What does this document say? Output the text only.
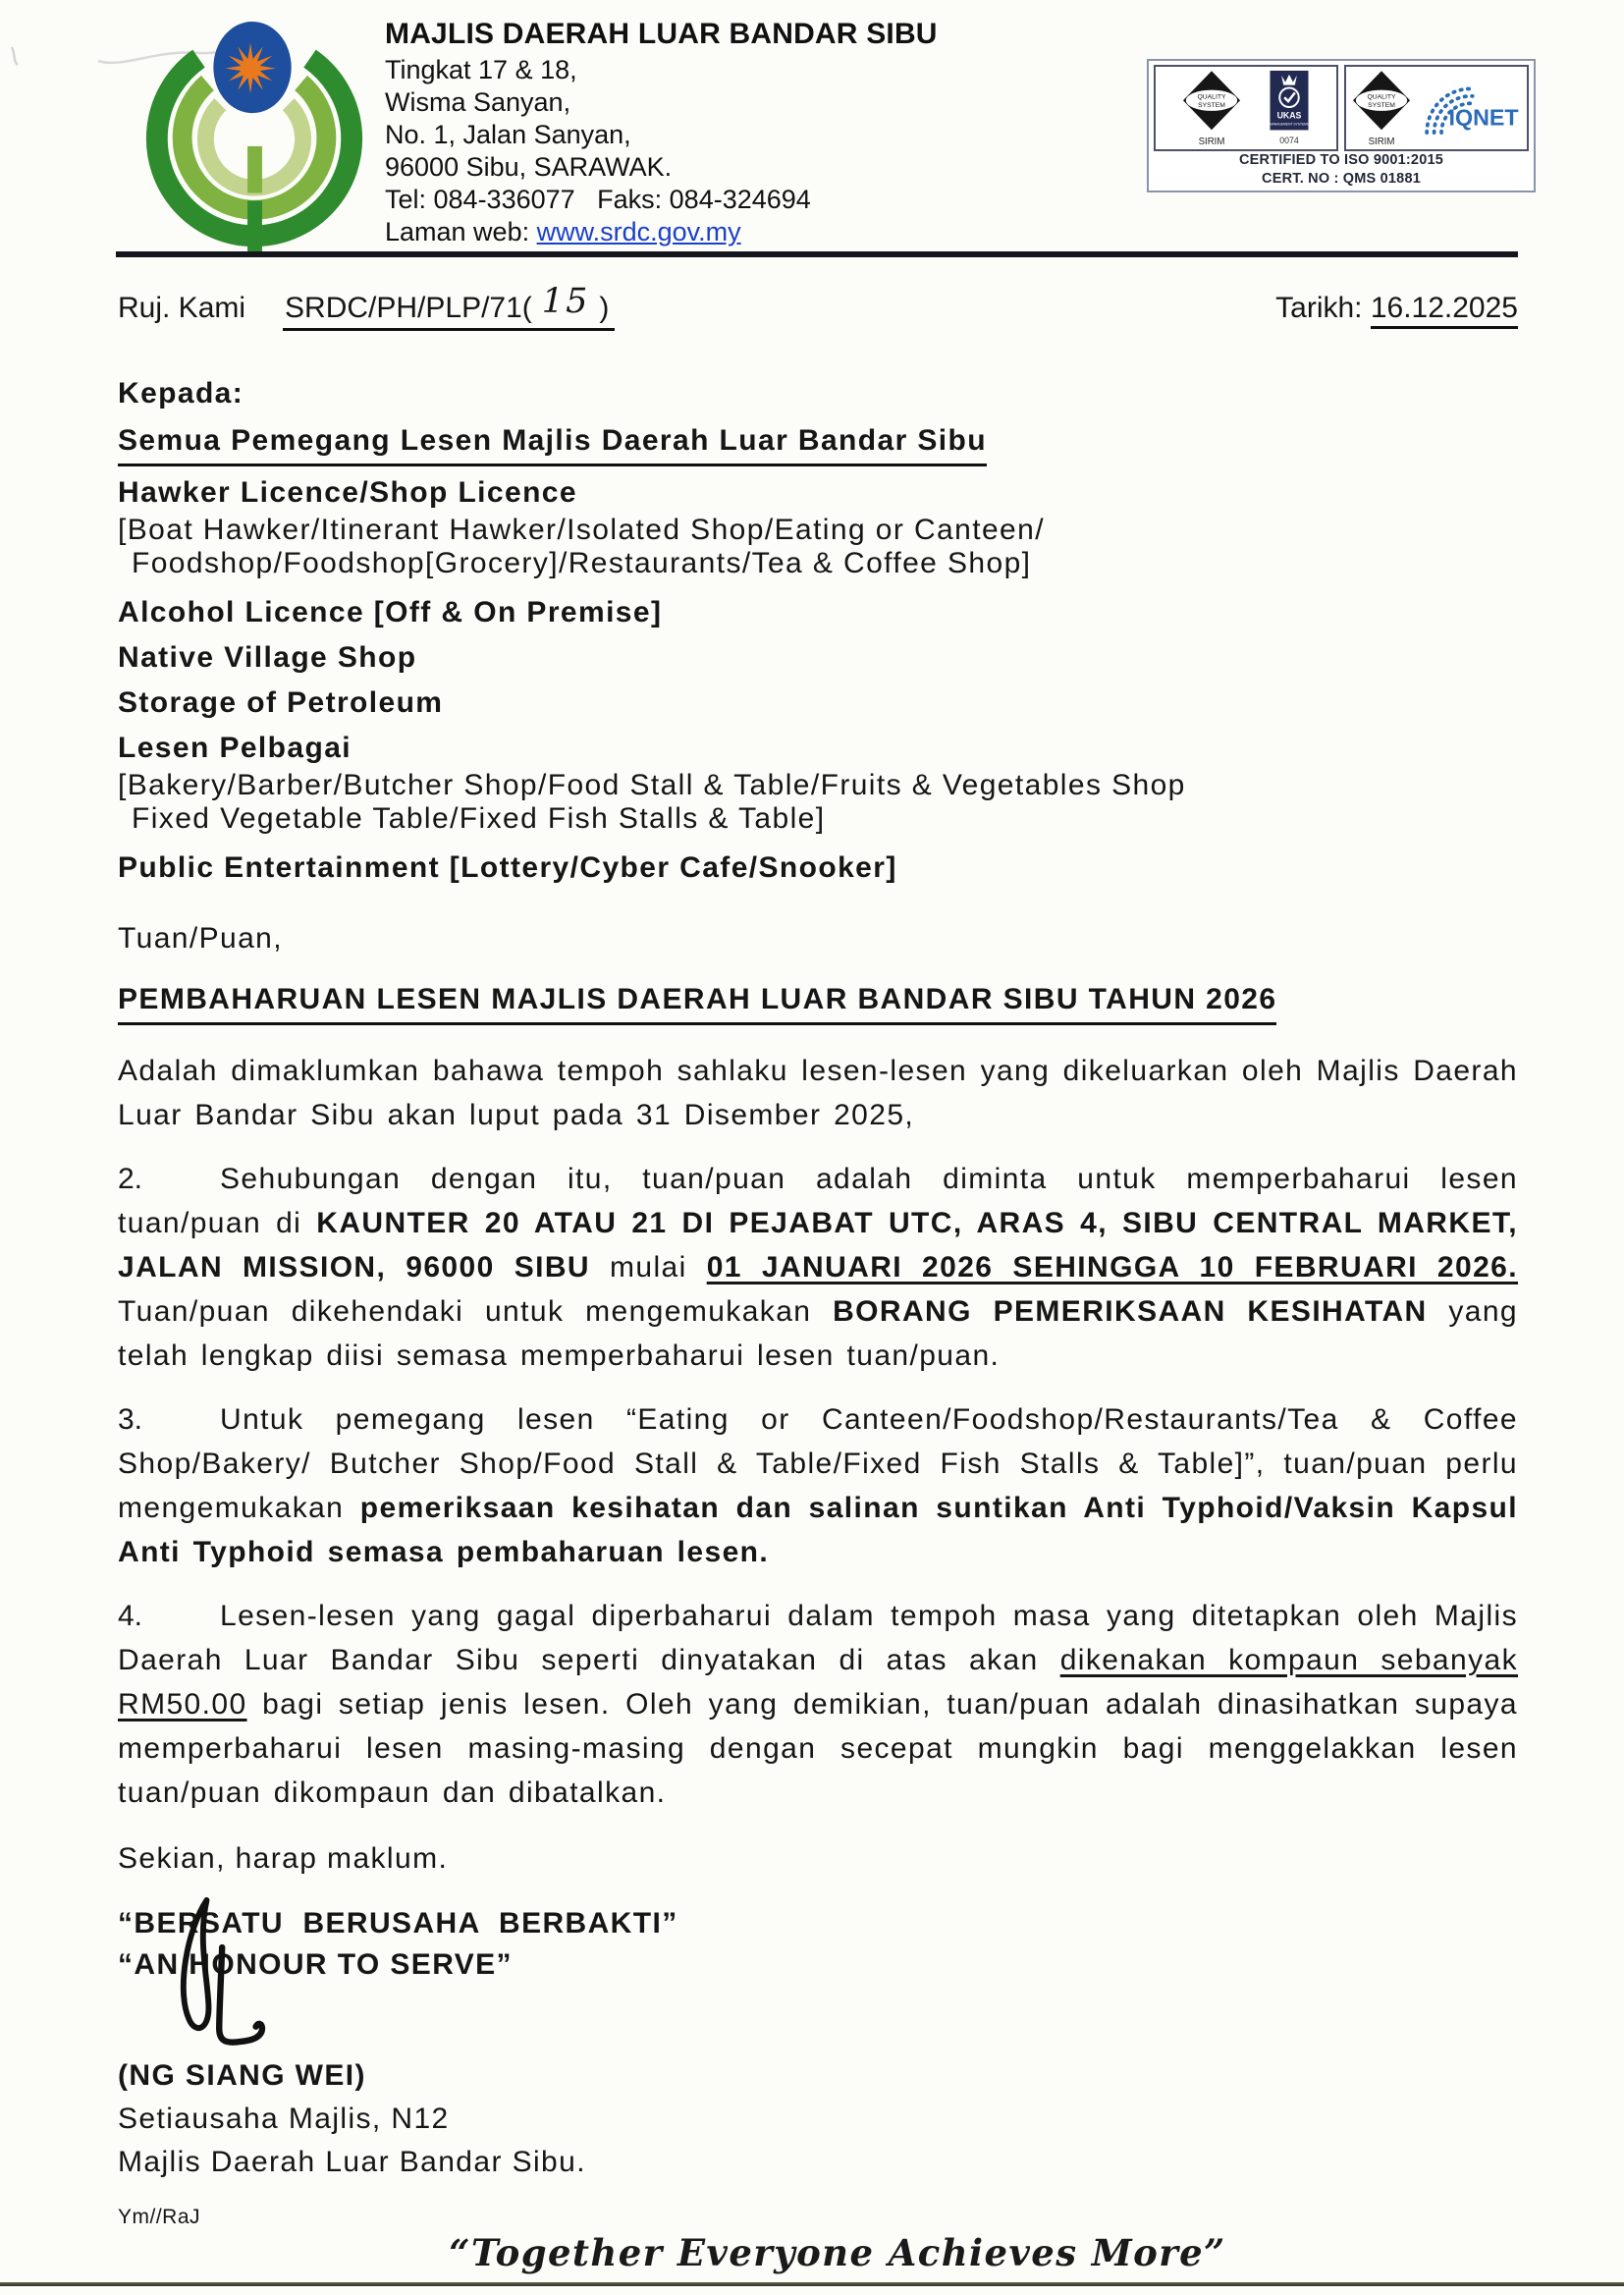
MAJLIS DAERAH LUAR BANDAR SIBU
Tingkat 17 & 18,
Wisma Sanyan,
No. 1, Jalan Sanyan,
96000 Sibu, SARAWAK.
Tel: 084-336077   Faks: 084-324694
Laman web: www.srdc.gov.my
QUALITY
SYSTEM
SIRIM
UKAS
MANAGEMENT SYSTEMS
0074
QUALITY
SYSTEM
SIRIM
IQNET
CERTIFIED TO ISO 9001:2015
CERT. NO : QMS 01881
Ruj. Kami SRDC/PH/PLP/71( 15 )	Tarikh: 16.12.2025
Kepada:
Semua Pemegang Lesen Majlis Daerah Luar Bandar Sibu
Hawker Licence/Shop Licence
[Boat Hawker/Itinerant Hawker/Isolated Shop/Eating or Canteen/
Foodshop/Foodshop[Grocery]/Restaurants/Tea & Coffee Shop]
Alcohol Licence [Off & On Premise]
Native Village Shop
Storage of Petroleum
Lesen Pelbagai
[Bakery/Barber/Butcher Shop/Food Stall & Table/Fruits & Vegetables Shop
Fixed Vegetable Table/Fixed Fish Stalls & Table]
Public Entertainment [Lottery/Cyber Cafe/Snooker]
Tuan/Puan,
PEMBAHARUAN LESEN MAJLIS DAERAH LUAR BANDAR SIBU TAHUN 2026

Adalah dimaklumkan bahawa tempoh sahlaku lesen-lesen yang dikeluarkan oleh Majlis Daerah Luar Bandar Sibu akan luput pada 31 Disember 2025,

2.	Sehubungan dengan itu, tuan/puan adalah diminta untuk memperbaharui lesen tuan/puan di KAUNTER 20 ATAU 21 DI PEJABAT UTC, ARAS 4, SIBU CENTRAL MARKET, JALAN MISSION, 96000 SIBU mulai 01 JANUARI 2026 SEHINGGA 10 FEBRUARI 2026. Tuan/puan dikehendaki untuk mengemukakan BORANG PEMERIKSAAN KESIHATAN yang telah lengkap diisi semasa memperbaharui lesen tuan/puan.

3.	Untuk pemegang lesen “Eating or Canteen/Foodshop/Restaurants/Tea & Coffee Shop/Bakery/ Butcher Shop/Food Stall & Table/Fixed Fish Stalls & Table]”, tuan/puan perlu mengemukakan pemeriksaan kesihatan dan salinan suntikan Anti Typhoid/Vaksin Kapsul Anti Typhoid semasa pembaharuan lesen.

4.	Lesen-lesen yang gagal diperbaharui dalam tempoh masa yang ditetapkan oleh Majlis Daerah Luar Bandar Sibu seperti dinyatakan di atas akan dikenakan kompaun sebanyak RM50.00 bagi setiap jenis lesen. Oleh yang demikian, tuan/puan adalah dinasihatkan supaya memperbaharui lesen masing-masing dengan secepat mungkin bagi menggelakkan lesen tuan/puan dikompaun dan dibatalkan.

Sekian, harap maklum.
“BERSATU  BERUSAHA  BERBAKTI”
“AN HONOUR TO SERVE”
(NG SIANG WEI)
Setiausaha Majlis, N12
Majlis Daerah Luar Bandar Sibu.
Ym//RaJ
“Together Everyone Achieves More”
